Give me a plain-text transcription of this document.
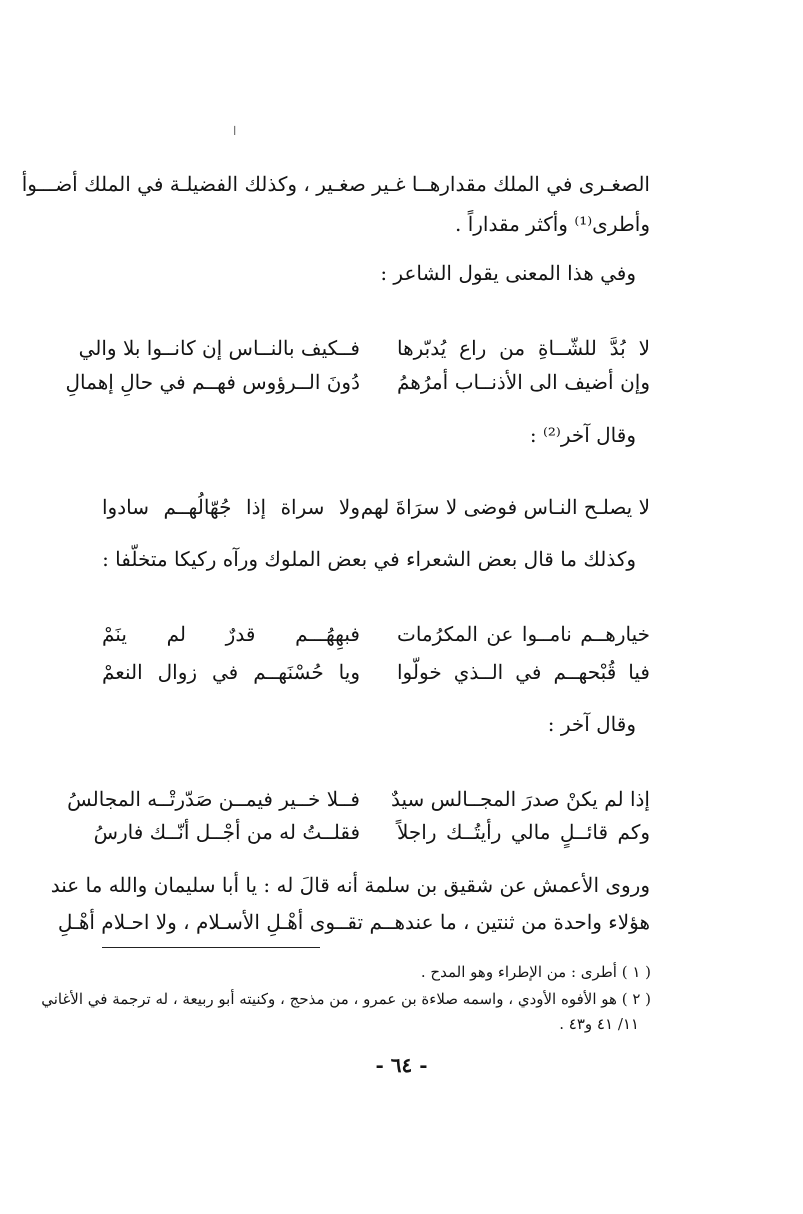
ا
الصغـرى في الملك مقدارهــا غـير صغـير ، وكذلك الفضيلـة في الملك أضـــوأ
وأطرى⁽¹⁾ وأكثر مقداراً .
وفي هذا المعنى يقول الشاعر :
لا بُدَّ للشّــاةِ من راع يُدبّرها
فــكيف بالنــاس إن كانــوا بلا والي
وإن أضيف الى الأذنــاب أمرُهمُ
دُونَ الــرؤوس فهــم في حالِ إهمالِ
وقال آخر⁽²⁾ :
لا يصلـح النـاس فوضى لا سرَاةَ لهم
ولا سراة إذا جُهّالُهــم سادوا
وكذلك ما قال بعض الشعراء في بعض الملوك ورآه ركيكا متخلّفا :
خيارهــم نامــوا عن المكرُمات
فبهِهُـــم قدرٌ لم ينَمْ
فيا قُبْحهــم في الــذي خولّوا
ويا حُسْنَهــم في زوال النعمْ
وقال آخر :
إذا لم يكنْ صدرَ المجــالس سيدٌ
فــلا خــير فيمــن صَدّرتْــه المجالسُ
وكم قائــلٍ مالي رأيتُــك راجلاً
فقلــتُ له من أجْــل أنّــك فارسُ
وروى الأعمش عن شقيق بن سلمة أنه قالَ له : يا أبا سليمان والله ما عند
هؤلاء واحدة من ثنتين ، ما عندهــم تقــوى أهْـلِ الأسـلام ، ولا احـلام أهْـلِ
( ١ ) أطرى : من الإطراء وهو المدح .
( ٢ ) هو الأفوه الأودي ، واسمه صلاءة بن عمرو ، من مذحج ، وكنيته أبو ربيعة ، له ترجمة في الأغاني
١١/ ٤١ و٤٣ .
- ٦٤ -
